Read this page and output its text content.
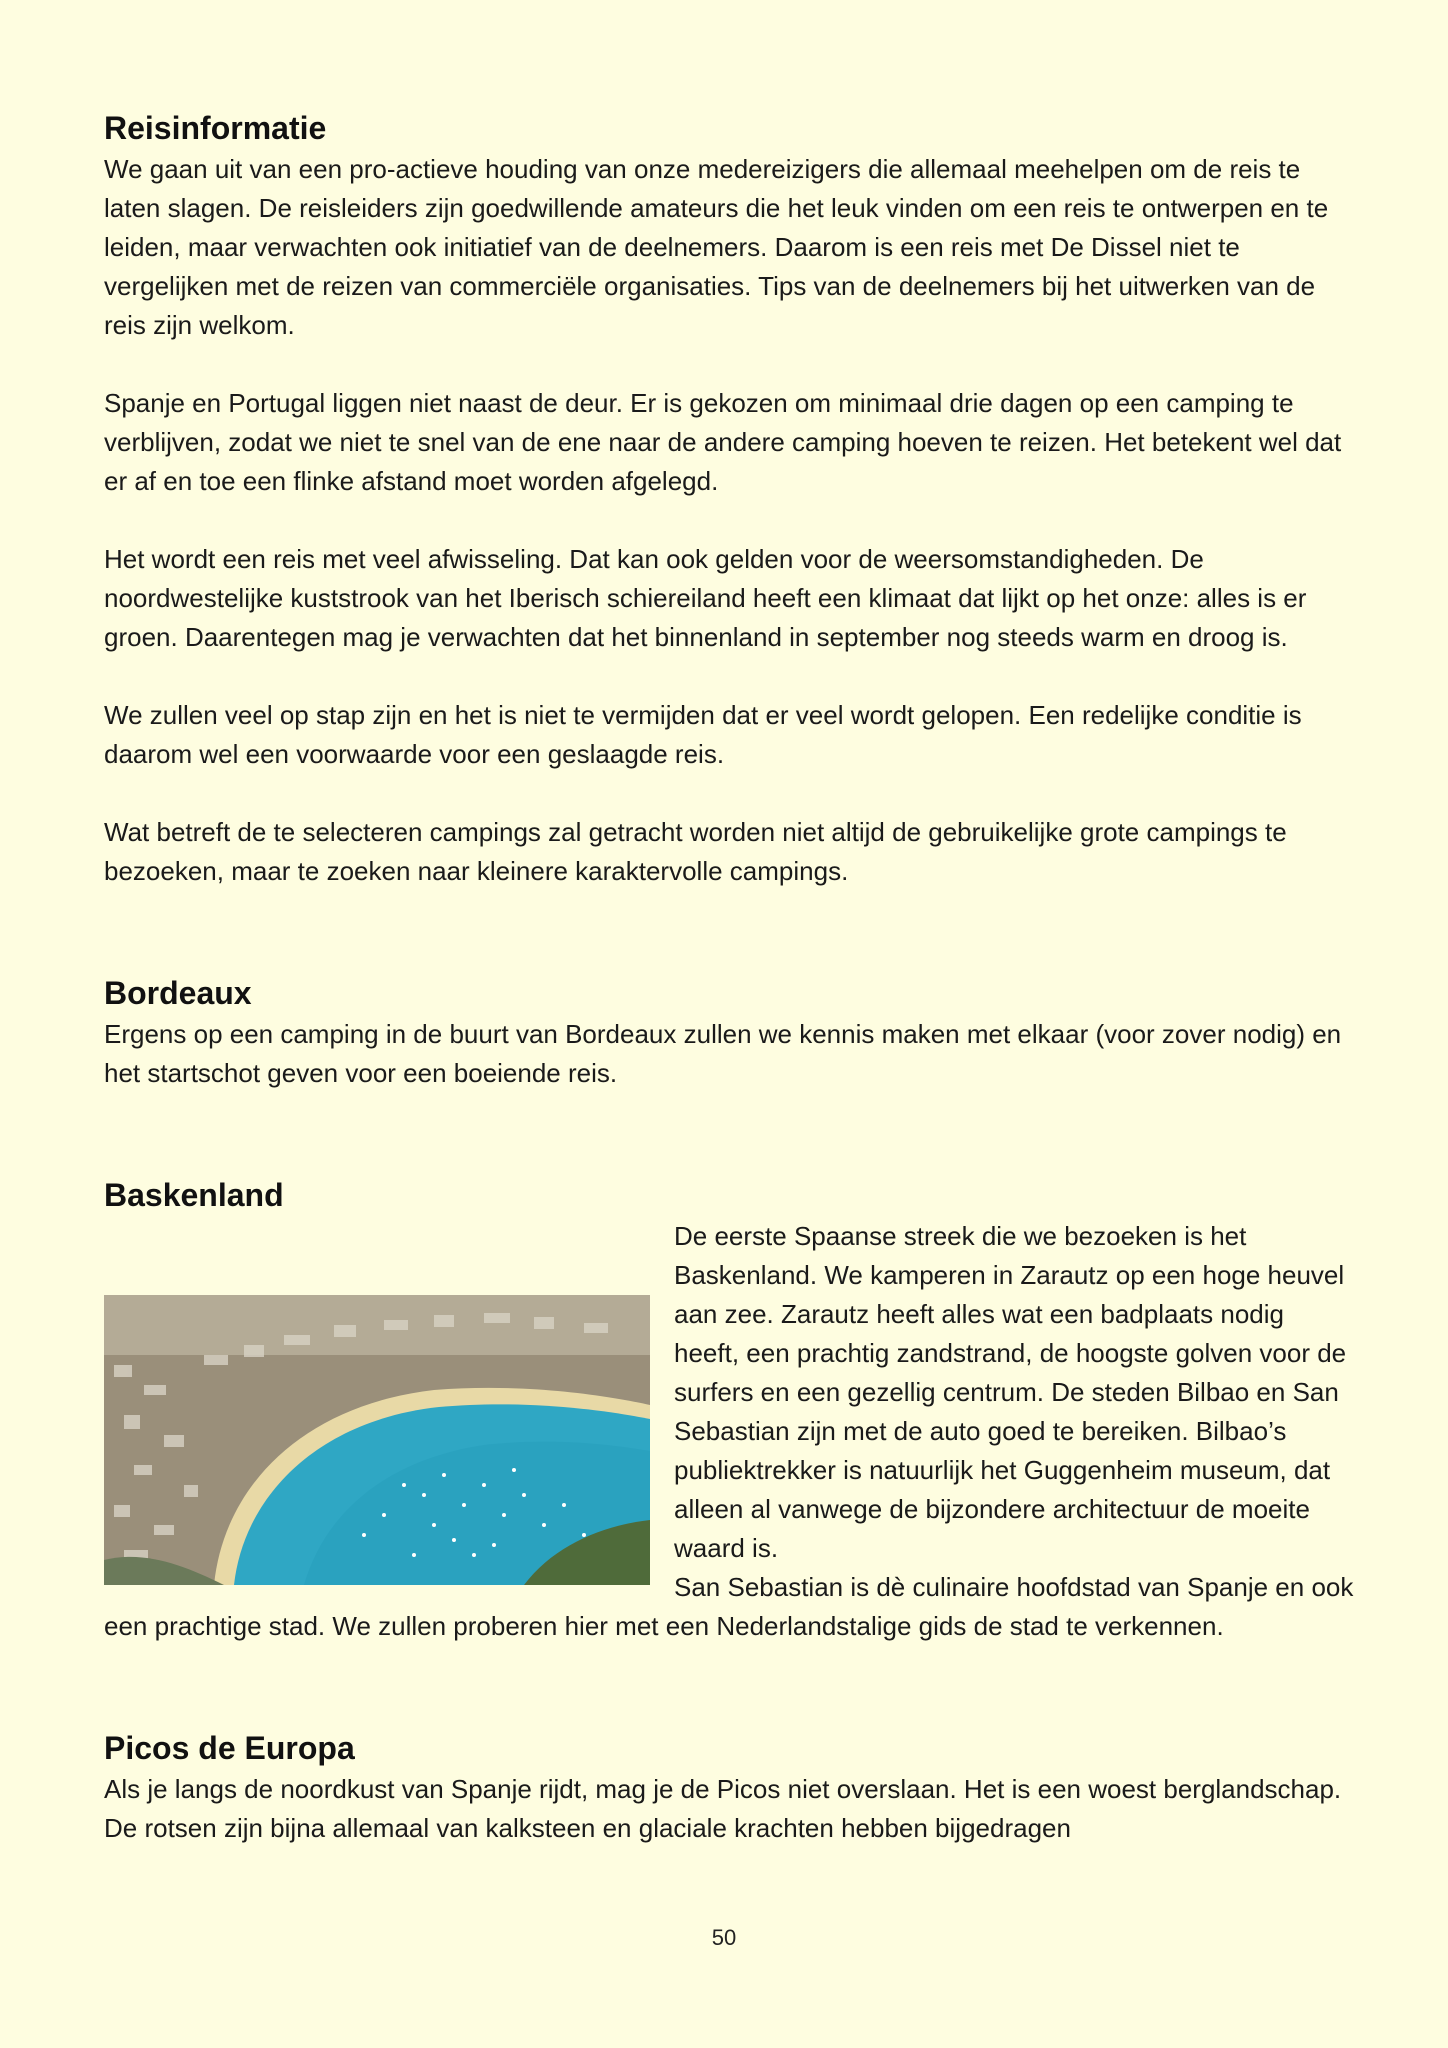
Reisinformatie

We gaan uit van een pro-actieve houding van onze medereizigers die allemaal meehelpen om de reis te laten slagen. De reisleiders zijn goedwillende amateurs die het leuk vinden om een reis te ontwerpen en te leiden, maar verwachten ook initiatief van de deelnemers. Daarom is een reis met De Dissel niet te vergelijken met de reizen van commerciële organisaties. Tips van de deelnemers bij het uitwerken van de reis zijn welkom.

Spanje en Portugal liggen niet naast de deur. Er is gekozen om minimaal drie dagen op een camping te verblijven, zodat we niet te snel van de ene naar de andere camping hoeven te reizen. Het betekent wel dat er af en toe een flinke afstand moet worden afgelegd.

Het wordt een reis met veel afwisseling. Dat kan ook gelden voor de weersomstandigheden. De noordwestelijke kuststrook van het Iberisch schiereiland heeft een klimaat dat lijkt op het onze: alles is er groen. Daarentegen mag je verwachten dat het binnenland in september nog steeds warm en droog is.

We zullen veel op stap zijn en het is niet te vermijden dat er veel wordt gelopen. Een redelijke conditie is daarom wel een voorwaarde voor een geslaagde reis.

Wat betreft de te selecteren campings zal getracht worden niet altijd de gebruikelijke grote campings te bezoeken, maar te zoeken naar kleinere karaktervolle campings.

Bordeaux

Ergens op een camping in de buurt van Bordeaux zullen we kennis maken met elkaar (voor zover nodig) en het startschot geven voor een boeiende reis.

Baskenland

De eerste Spaanse streek die we bezoeken is het Baskenland. We kamperen in Zarautz op een hoge heuvel aan zee. Zarautz heeft alles wat een badplaats nodig heeft, een prachtig zandstrand, de hoogste golven voor de surfers en een gezellig centrum. De steden Bilbao en San Sebastian zijn met de auto goed te bereiken. Bilbao’s publiektrekker is natuurlijk het Guggenheim museum, dat alleen al vanwege de bijzondere architectuur de moeite waard is.
San Sebastian is dè culinaire hoofdstad van Spanje en ook een prachtige stad. We zullen proberen hier met een Nederlandstalige gids de stad te verkennen.

Picos de Europa

Als je langs de noordkust van Spanje rijdt, mag je de Picos niet overslaan. Het is een woest berglandschap. De rotsen zijn bijna allemaal van kalksteen en glaciale krachten hebben bijgedragen

50
